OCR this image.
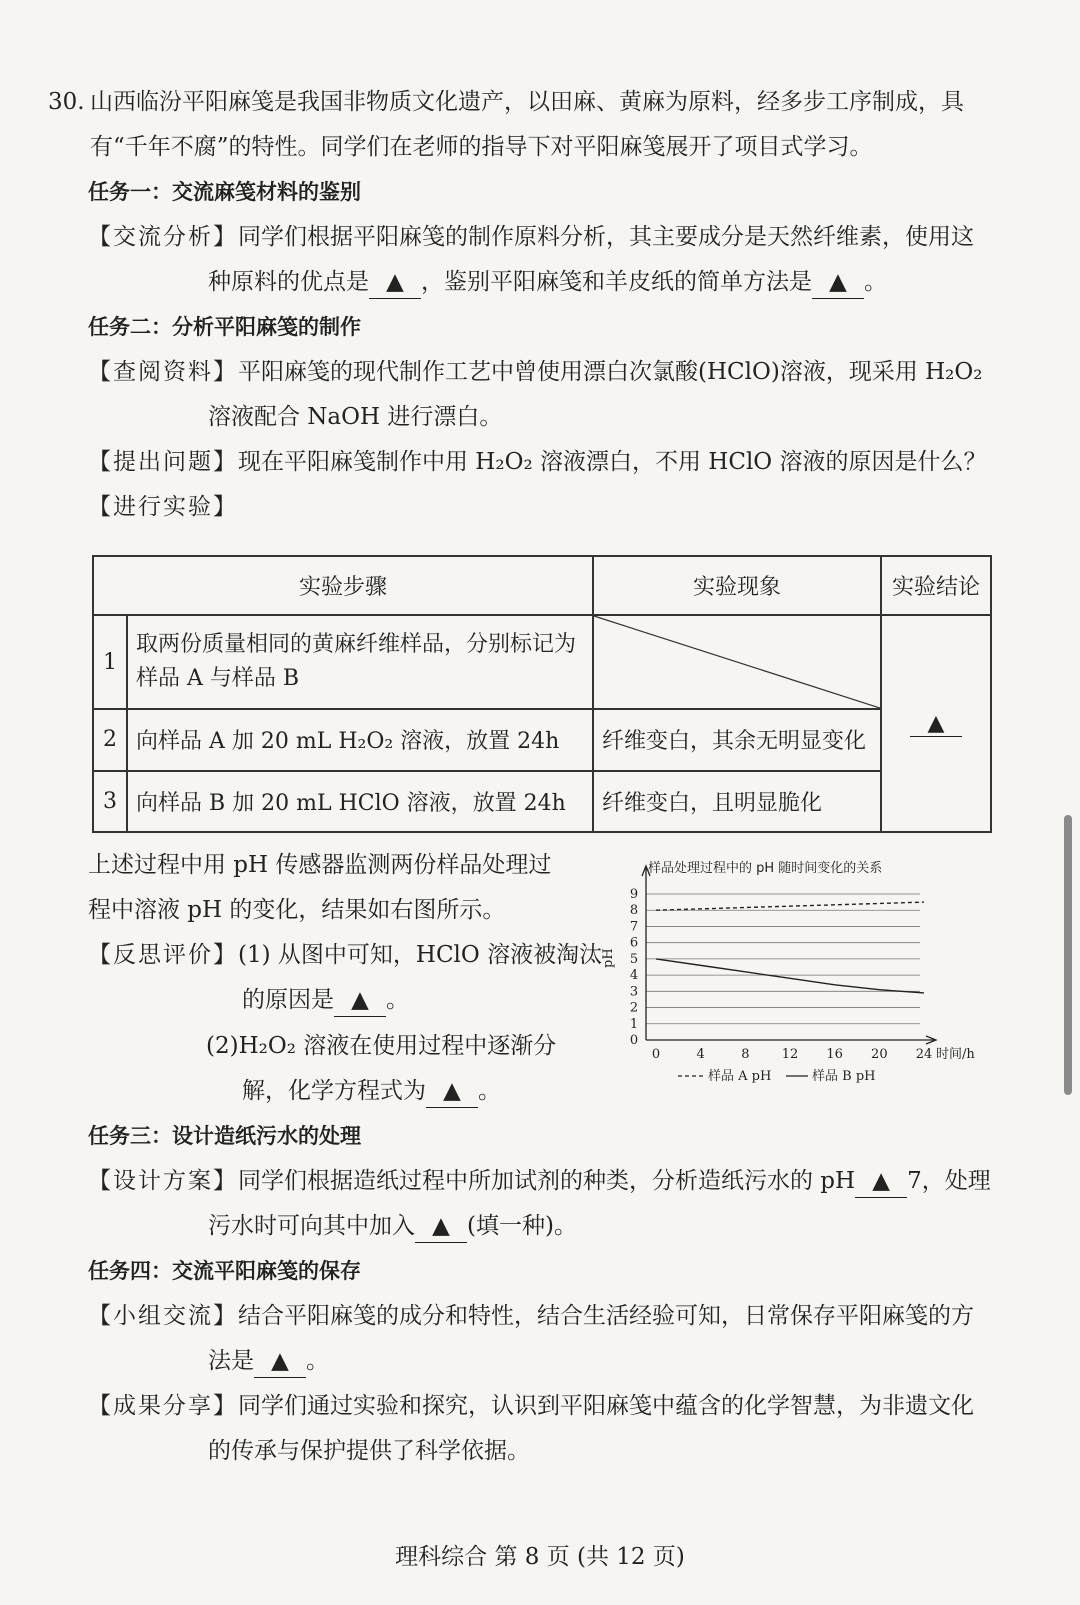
30. 山西临汾平阳麻笺是我国非物质文化遗产，以田麻、黄麻为原料，经多步工序制成，具
有“千年不腐”的特性。同学们在老师的指导下对平阳麻笺展开了项目式学习。
任务一：交流麻笺材料的鉴别
【交流分析】同学们根据平阳麻笺的制作原料分析，其主要成分是天然纤维素，使用这
种原料的优点是 ▲ ，鉴别平阳麻笺和羊皮纸的简单方法是 ▲ 。
任务二：分析平阳麻笺的制作
【查阅资料】平阳麻笺的现代制作工艺中曾使用漂白次氯酸(HClO)溶液，现采用 H₂O₂
溶液配合 NaOH 进行漂白。
【提出问题】现在平阳麻笺制作中用 H₂O₂ 溶液漂白，不用 HClO 溶液的原因是什么？
【进行实验】
实验步骤		实验现象	实验结论
1	取两份质量相同的黄麻纤维样品，分别标记为样品 A 与样品 B		▲
2	向样品 A 加 20 mL H₂O₂ 溶液，放置 24h	纤维变白，其余无明显变化	
3	向样品 B 加 20 mL HClO 溶液，放置 24h	纤维变白，且明显脆化	
上述过程中用 pH 传感器监测两份样品处理过
程中溶液 pH 的变化，结果如右图所示。
【反思评价】(1) 从图中可知，HClO 溶液被淘汰
的原因是 ▲ 。
(2)H₂O₂ 溶液在使用过程中逐渐分
解，化学方程式为 ▲ 。
样品处理过程中的 pH 随时间变化的关系
pH
0
1
2
3
4
5
6
7
8
9
0	4	8 12 16 20 24 时间/h
样品 A pH	样品 B pH
任务三：设计造纸污水的处理
【设计方案】同学们根据造纸过程中所加试剂的种类，分析造纸污水的 pH ▲ 7，处理
污水时可向其中加入 ▲ (填一种)。
任务四：交流平阳麻笺的保存
【小组交流】结合平阳麻笺的成分和特性，结合生活经验可知，日常保存平阳麻笺的方
法是 ▲ 。
【成果分享】同学们通过实验和探究，认识到平阳麻笺中蕴含的化学智慧，为非遗文化
的传承与保护提供了科学依据。
理科综合 第 8 页 (共 12 页)
